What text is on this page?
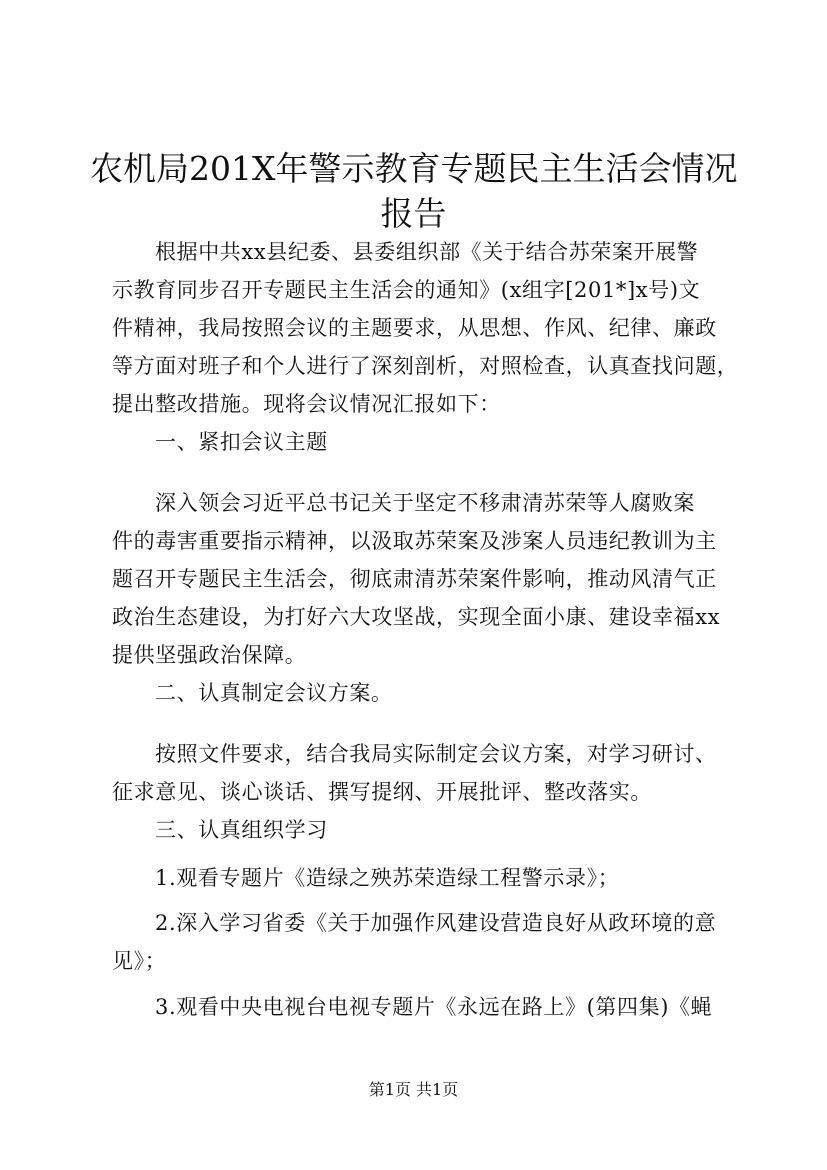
农机局201X年警示教育专题民主生活会情况
报告
根据中共xx县纪委、县委组织部《关于结合苏荣案开展警
示教育同步召开专题民主生活会的通知》(x组字[201*]x号)文
件精神，我局按照会议的主题要求，从思想、作风、纪律、廉政
等方面对班子和个人进行了深刻剖析，对照检查，认真查找问题，
提出整改措施。现将会议情况汇报如下：
一、紧扣会议主题
深入领会习近平总书记关于坚定不移肃清苏荣等人腐败案
件的毒害重要指示精神，以汲取苏荣案及涉案人员违纪教训为主
题召开专题民主生活会，彻底肃清苏荣案件影响，推动风清气正
政治生态建设，为打好六大攻坚战，实现全面小康、建设幸福xx
提供坚强政治保障。
二、认真制定会议方案。
按照文件要求，结合我局实际制定会议方案，对学习研讨、
征求意见、谈心谈话、撰写提纲、开展批评、整改落实。
三、认真组织学习
1.观看专题片《造绿之殃苏荣造绿工程警示录》；
2.深入学习省委《关于加强作风建设营造良好从政环境的意
见》；
3.观看中央电视台电视专题片《永远在路上》(第四集)《蝇
第1页 共1页
